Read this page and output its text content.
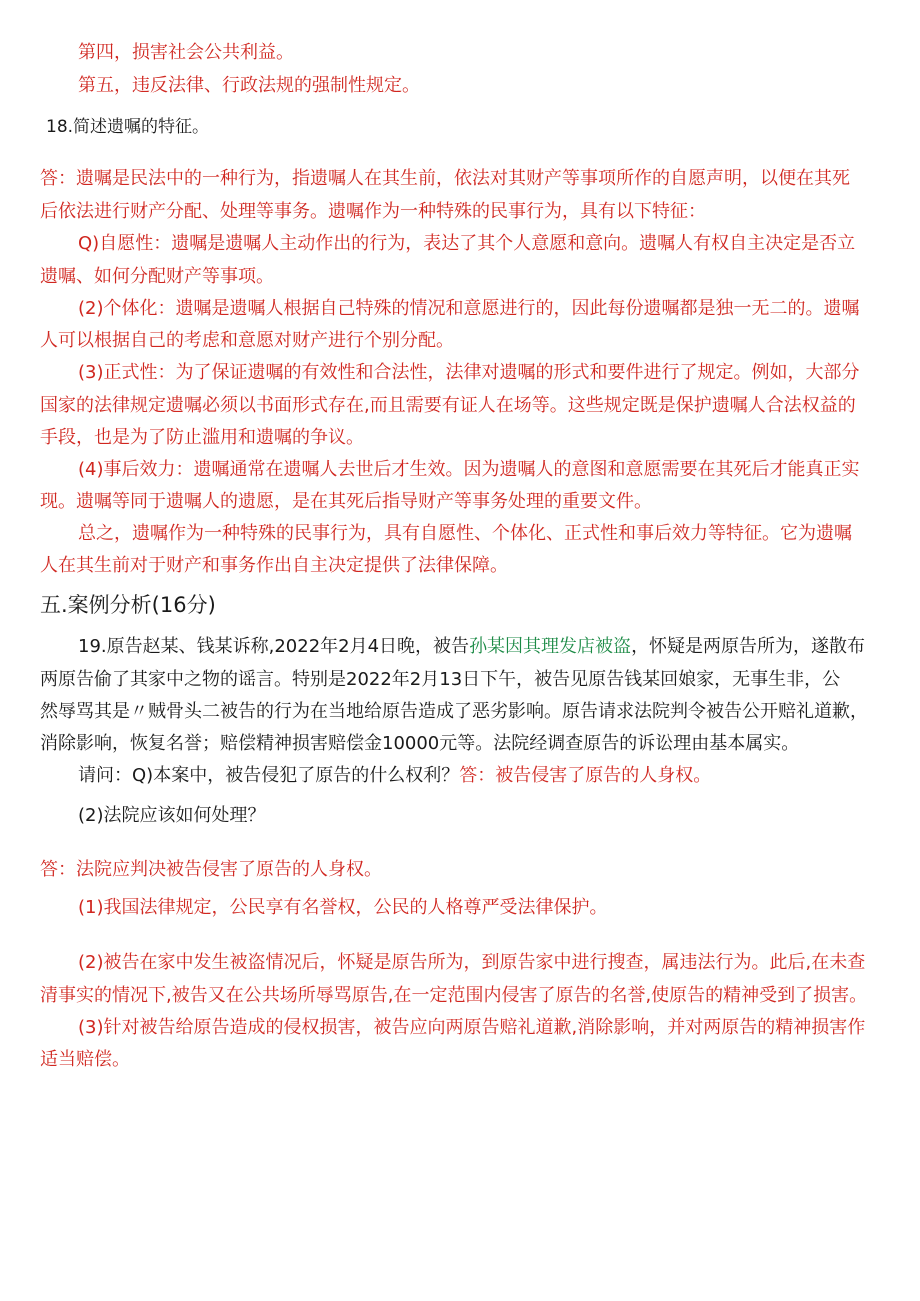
第四，损害社会公共利益。
第五，违反法律、行政法规的强制性规定。
18.简述遗嘱的特征。
答：遗嘱是民法中的一种行为，指遗嘱人在其生前，依法对其财产等事项所作的自愿声明，以便在其死
后依法进行财产分配、处理等事务。遗嘱作为一种特殊的民事行为，具有以下特征：
Q)自愿性：遗嘱是遗嘱人主动作出的行为，表达了其个人意愿和意向。遗嘱人有权自主决定是否立
遗嘱、如何分配财产等事项。
(2)个体化：遗嘱是遗嘱人根据自己特殊的情况和意愿进行的，因此每份遗嘱都是独一无二的。遗嘱
人可以根据自己的考虑和意愿对财产进行个别分配。
(3)正式性：为了保证遗嘱的有效性和合法性，法律对遗嘱的形式和要件进行了规定。例如，大部分
国家的法律规定遗嘱必须以书面形式存在,而且需要有证人在场等。这些规定既是保护遗嘱人合法权益的
手段，也是为了防止滥用和遗嘱的争议。
(4)事后效力：遗嘱通常在遗嘱人去世后才生效。因为遗嘱人的意图和意愿需要在其死后才能真正实
现。遗嘱等同于遗嘱人的遗愿，是在其死后指导财产等事务处理的重要文件。
总之，遗嘱作为一种特殊的民事行为，具有自愿性、个体化、正式性和事后效力等特征。它为遗嘱
人在其生前对于财产和事务作出自主决定提供了法律保障。
五.案例分析(16分)
19.原告赵某、钱某诉称,2022年2月4日晚，被告孙某因其理发店被盗，怀疑是两原告所为，遂散布
两原告偷了其家中之物的谣言。特别是2022年2月13日下午，被告见原告钱某回娘家，无事生非，公
然辱骂其是〃贼骨头二被告的行为在当地给原告造成了恶劣影响。原告请求法院判令被告公开赔礼道歉，
消除影响，恢复名誉；赔偿精神损害赔偿金10000元等。法院经调查原告的诉讼理由基本属实。
请问：Q)本案中，被告侵犯了原告的什么权利？答：被告侵害了原告的人身权。
(2)法院应该如何处理？
答：法院应判决被告侵害了原告的人身权。
(1)我国法律规定，公民享有名誉权，公民的人格尊严受法律保护。
(2)被告在家中发生被盗情况后，怀疑是原告所为，到原告家中进行搜查，属违法行为。此后,在未查
清事实的情况下,被告又在公共场所辱骂原告,在一定范围内侵害了原告的名誉,使原告的精神受到了损害。
(3)针对被告给原告造成的侵权损害，被告应向两原告赔礼道歉,消除影响，并对两原告的精神损害作
适当赔偿。
